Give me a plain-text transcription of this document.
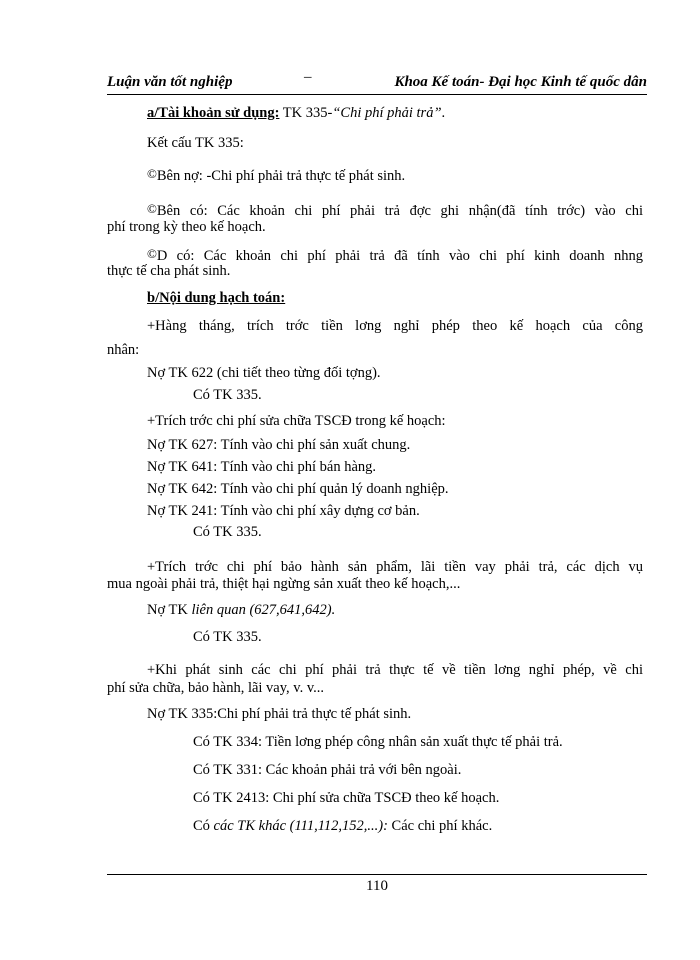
Luận văn tốt nghiệp	–	Khoa Kế toán- Đại học Kinh tế quốc dân
a/Tài khoản sử dụng: TK 335-“Chi phí phải trả”.
Kết cấu TK 335:
©Bên nợ: -Chi phí phải trả thực tế phát sinh.
©Bên có: Các khoản chi phí phải trả đợc ghi nhận(đã tính trớc) vào chi
phí trong kỳ theo kế hoạch.
©D có: Các khoản chi phí phải trả đã tính vào chi phí kinh doanh nhng
thực tế cha phát sinh.
b/Nội dung hạch toán:
+Hàng tháng, trích trớc tiền lơng nghỉ phép theo kế hoạch của công
nhân:
Nợ TK 622 (chi tiết theo từng đối tợng).
Có TK 335.
+Trích trớc chi phí sửa chữa TSCĐ trong kế hoạch:
Nợ TK 627: Tính vào chi phí sản xuất chung.
Nợ TK 641: Tính vào chi phí bán hàng.
Nợ TK 642: Tính vào chi phí quản lý doanh nghiệp.
Nợ TK 241: Tính vào chi phí xây dựng cơ bản.
Có TK 335.
+Trích trớc chi phí bảo hành sản phẩm, lãi tiền vay phải trả, các dịch vụ
mua ngoài phải trả, thiệt hại ngừng sản xuất theo kế hoạch,...
Nợ TK liên quan (627,641,642).
Có TK 335.
+Khi phát sinh các chi phí phải trả thực tế về tiền lơng nghỉ phép, về chi
phí sửa chữa, bảo hành, lãi vay, v. v...
Nợ TK 335:Chi phí phải trả thực tế phát sinh.
Có TK 334: Tiền lơng phép công nhân sản xuất thực tế phải trả.
Có TK 331: Các khoản phải trả với bên ngoài.
Có TK 2413: Chi phí sửa chữa TSCĐ theo kế hoạch.
Có các TK khác (111,112,152,...): Các chi phí khác.
110
